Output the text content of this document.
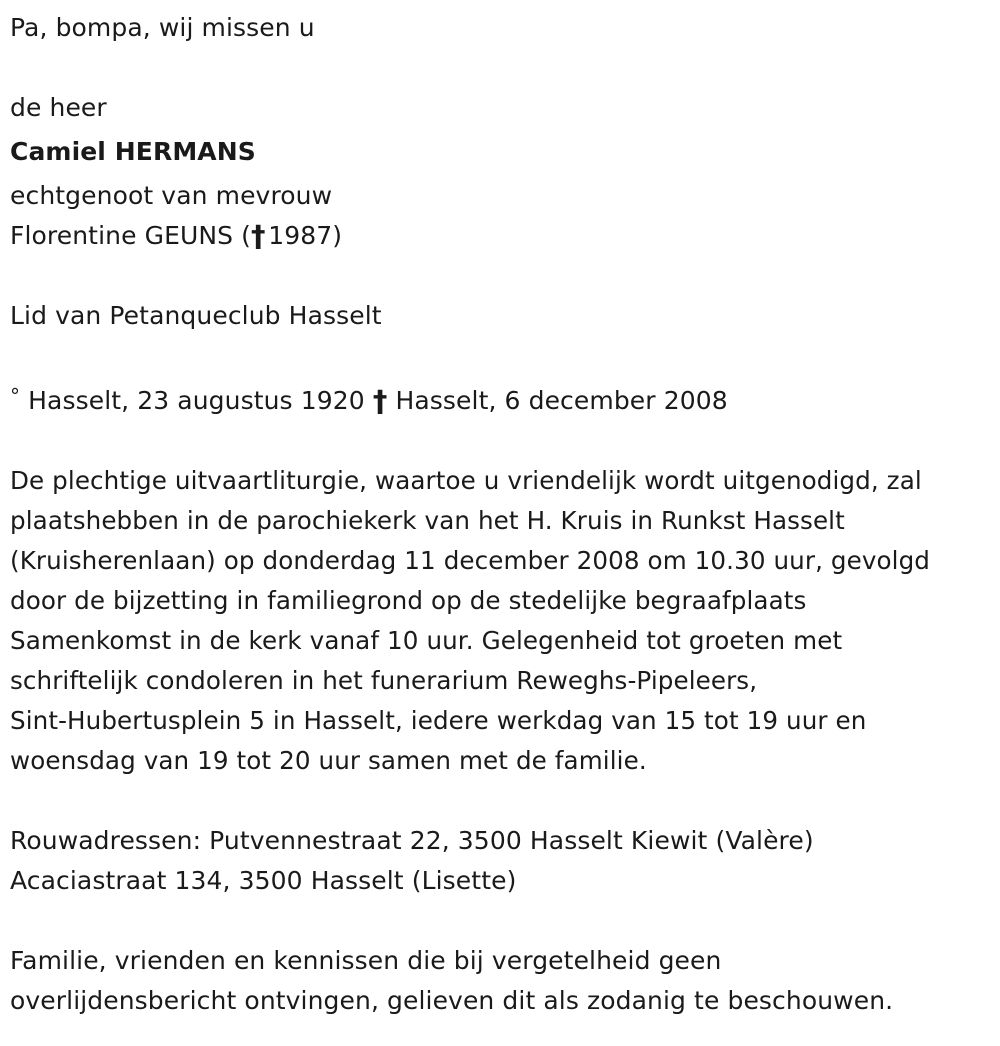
Pa, bompa, wij missen u
de heer
Camiel HERMANS
echtgenoot van mevrouw
Florentine GEUNS (†  1987)
Lid van Petanqueclub Hasselt
° Hasselt, 23 augustus 1920 † Hasselt, 6 december 2008
De plechtige uitvaartliturgie, waartoe u vriendelijk wordt uitgenodigd, zal
plaatshebben in de parochiekerk van het H. Kruis in Runkst Hasselt
(Kruisherenlaan) op donderdag 11 december 2008 om 10.30 uur, gevolgd
door de bijzetting in familiegrond op de stedelijke begraafplaats
Samenkomst in de kerk vanaf 10 uur. Gelegenheid tot groeten met
schriftelijk condoleren in het funerarium Reweghs-Pipeleers,
Sint-Hubertusplein 5 in Hasselt, iedere werkdag van 15 tot 19 uur en
woensdag van 19 tot 20 uur samen met de familie.
Rouwadressen: Putvennestraat 22, 3500 Hasselt Kiewit (Valère)
Acaciastraat 134, 3500 Hasselt (Lisette)
Familie, vrienden en kennissen die bij vergetelheid geen
overlijdensbericht ontvingen, gelieven dit als zodanig te beschouwen.
